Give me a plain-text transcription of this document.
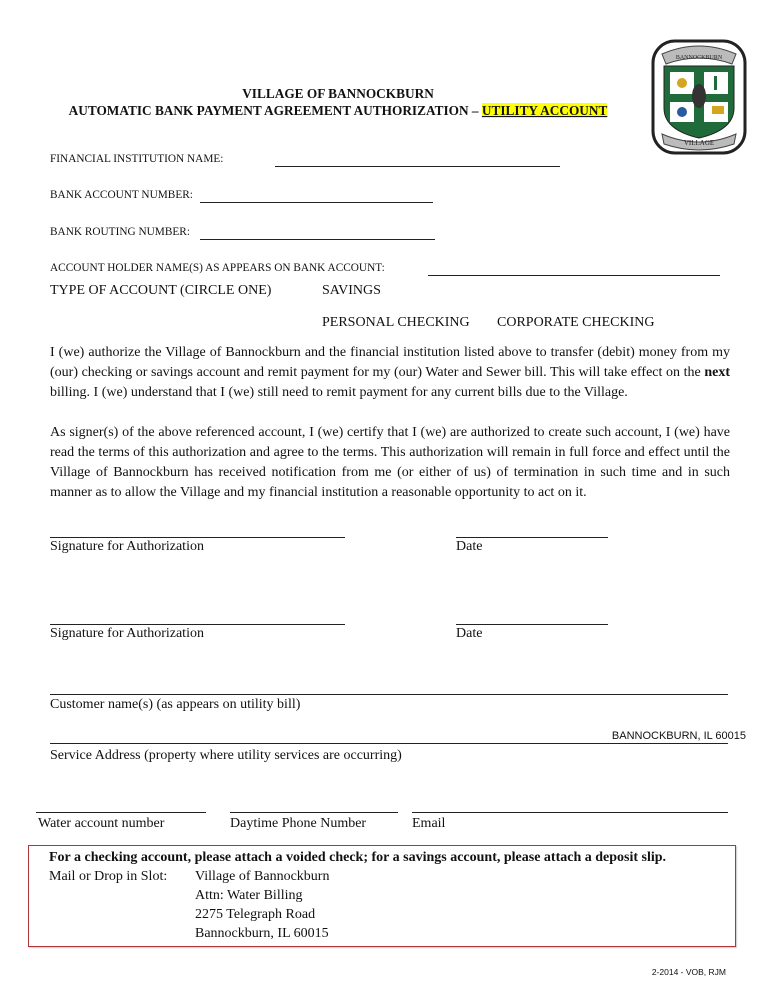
VILLAGE OF BANNOCKBURN
AUTOMATIC BANK PAYMENT AGREEMENT AUTHORIZATION – UTILITY ACCOUNT
BANNOCKBURN
VILLAGE
FINANCIAL INSTITUTION NAME:
BANK ACCOUNT NUMBER:
BANK ROUTING NUMBER:
ACCOUNT HOLDER NAME(S) AS APPEARS ON BANK ACCOUNT:
TYPE OF ACCOUNT (CIRCLE ONE)	SAVINGS
PERSONAL CHECKING CORPORATE CHECKING
I (we) authorize the Village of Bannockburn and the financial institution listed above to transfer (debit) money from my (our) checking or savings account and remit payment for my (our) Water and Sewer bill. This will take effect on the next billing. I (we) understand that I (we) still need to remit payment for any current bills due to the Village.
As signer(s) of the above referenced account, I (we) certify that I (we) are authorized to create such account, I (we) have read the terms of this authorization and agree to the terms. This authorization will remain in full force and effect until the Village of Bannockburn has received notification from me (or either of us) of termination in such time and in such manner as to allow the Village and my financial institution a reasonable opportunity to act on it.
Signature for Authorization	Date
Signature for Authorization	Date
Customer name(s) (as appears on utility bill)
BANNOCKBURN, IL 60015
Service Address (property where utility services are occurring)
Water account number	Daytime Phone Number	Email
For a checking account, please attach a voided check; for a savings account, please attach a deposit slip.
Mail or Drop in Slot: Village of Bannockburn
Attn: Water Billing
2275 Telegraph Road
Bannockburn, IL 60015
2-2014 - VOB, RJM
